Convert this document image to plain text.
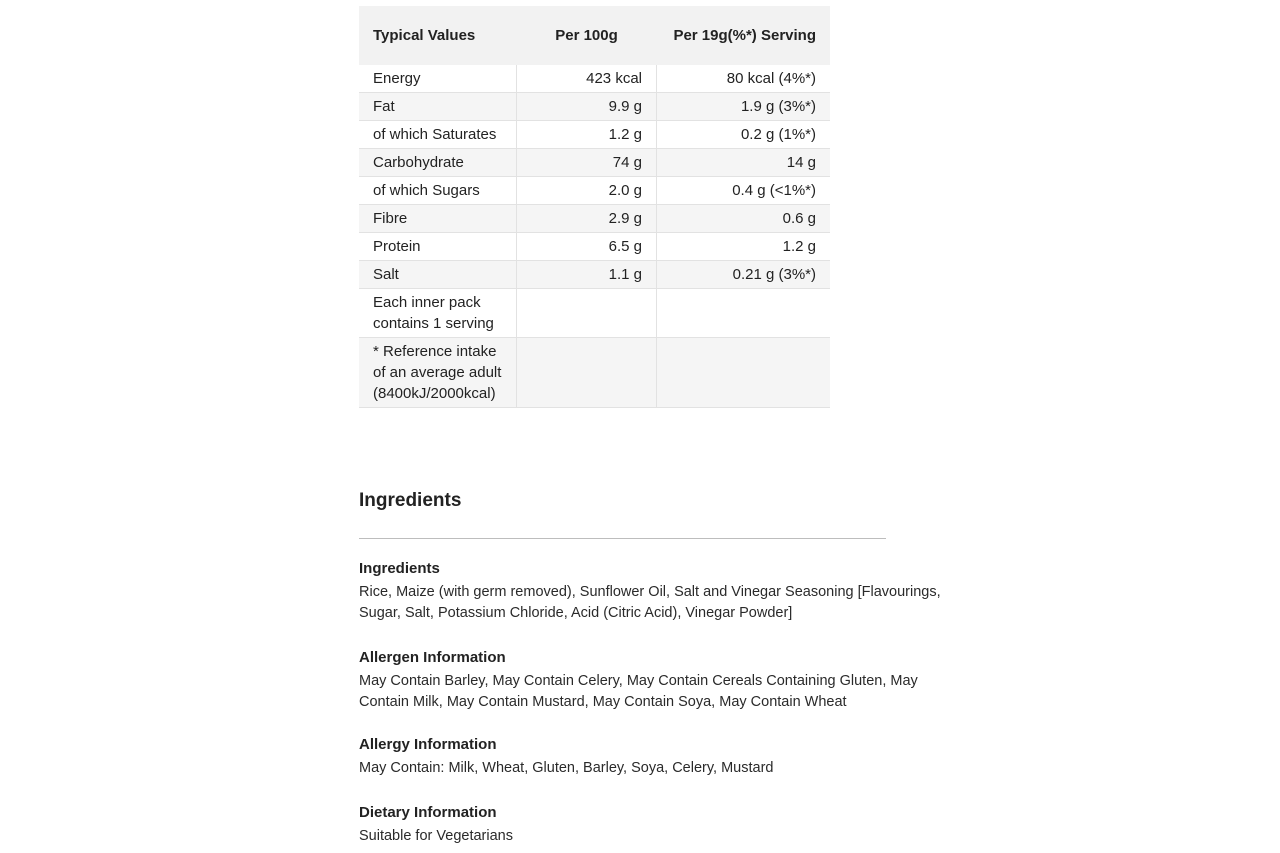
Typical Values	Per 100g	Per 19g(%*) Serving
Energy	423 kcal	80 kcal (4%*)
Fat	9.9 g	1.9 g (3%*)
of which Saturates	1.2 g	0.2 g (1%*)
Carbohydrate	74 g	14 g
of which Sugars	2.0 g	0.4 g (<1%*)
Fibre	2.9 g	0.6 g
Protein	6.5 g	1.2 g
Salt	1.1 g	0.21 g (3%*)
Each inner pack contains 1 serving		
* Reference intake of an average adult (8400kJ/2000kcal)		
Ingredients

Ingredients

Rice, Maize (with germ removed), Sunflower Oil, Salt and Vinegar Seasoning [Flavourings, Sugar, Salt, Potassium Chloride, Acid (Citric Acid), Vinegar Powder]

Allergen Information

May Contain Barley, May Contain Celery, May Contain Cereals Containing Gluten, May Contain Milk, May Contain Mustard, May Contain Soya, May Contain Wheat

Allergy Information

May Contain: Milk, Wheat, Gluten, Barley, Soya, Celery, Mustard

Dietary Information

Suitable for Vegetarians
